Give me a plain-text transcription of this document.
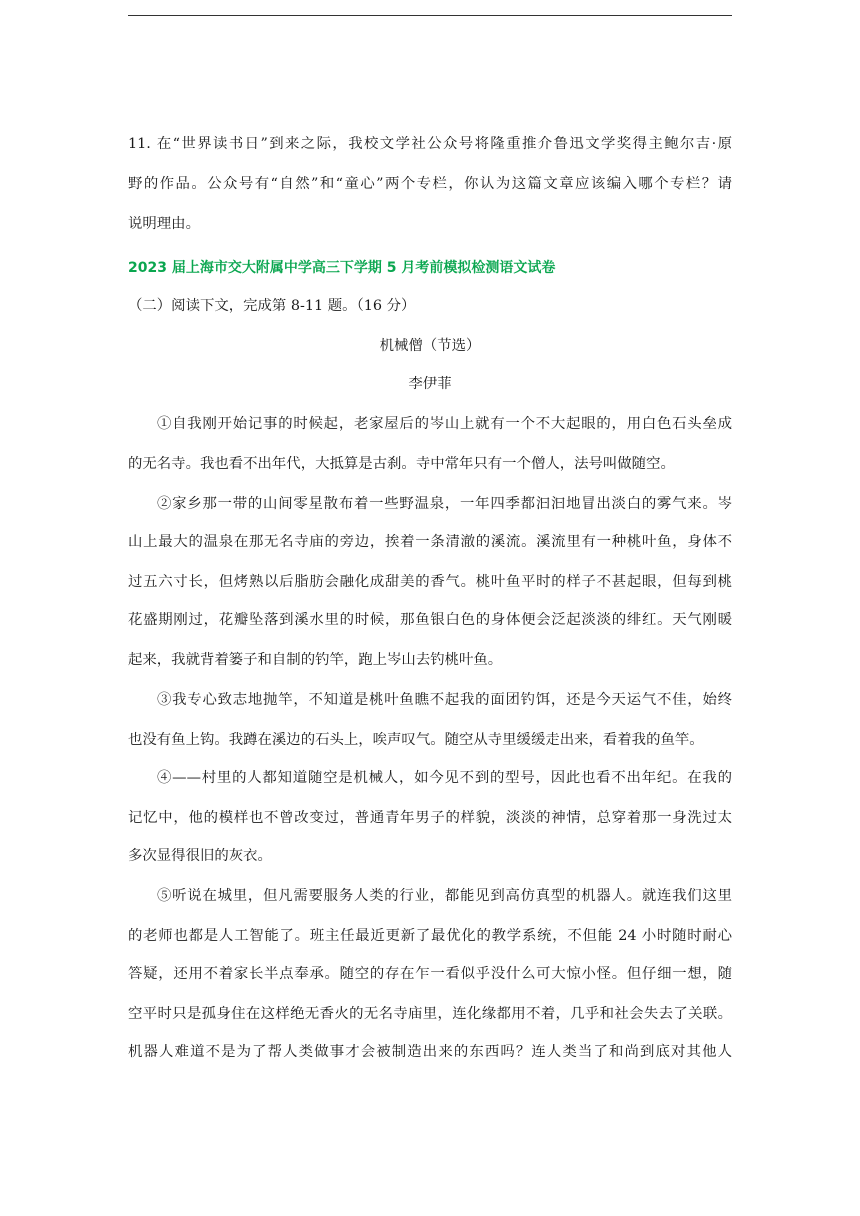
11. 在“世界读书日”到来之际，我校文学社公众号将隆重推介鲁迅文学奖得主鲍尔吉·原
野的作品。公众号有“自然”和“童心”两个专栏，你认为这篇文章应该编入哪个专栏？请
说明理由。
2023 届上海市交大附属中学高三下学期 5 月考前模拟检测语文试卷
（二）阅读下文，完成第 8-11 题。（16 分）
机械僧（节选）
李伊菲
①自我刚开始记事的时候起，老家屋后的岑山上就有一个不大起眼的，用白色石头垒成
的无名寺。我也看不出年代，大抵算是古刹。寺中常年只有一个僧人，法号叫做随空。
②家乡那一带的山间零星散布着一些野温泉，一年四季都汩汩地冒出淡白的雾气来。岑
山上最大的温泉在那无名寺庙的旁边，挨着一条清澈的溪流。溪流里有一种桃叶鱼，身体不
过五六寸长，但烤熟以后脂肪会融化成甜美的香气。桃叶鱼平时的样子不甚起眼，但每到桃
花盛期刚过，花瓣坠落到溪水里的时候，那鱼银白色的身体便会泛起淡淡的绯红。天气刚暖
起来，我就背着篓子和自制的钓竿，跑上岑山去钓桃叶鱼。
③我专心致志地抛竿，不知道是桃叶鱼瞧不起我的面团钓饵，还是今天运气不佳，始终
也没有鱼上钩。我蹲在溪边的石头上，唉声叹气。随空从寺里缓缓走出来，看着我的鱼竿。
④——村里的人都知道随空是机械人，如今见不到的型号，因此也看不出年纪。在我的
记忆中，他的模样也不曾改变过，普通青年男子的样貌，淡淡的神情，总穿着那一身洗过太
多次显得很旧的灰衣。
⑤听说在城里，但凡需要服务人类的行业，都能见到高仿真型的机器人。就连我们这里
的老师也都是人工智能了。班主任最近更新了最优化的教学系统，不但能 24 小时随时耐心
答疑，还用不着家长半点奉承。随空的存在乍一看似乎没什么可大惊小怪。但仔细一想，随
空平时只是孤身住在这样绝无香火的无名寺庙里，连化缘都用不着，几乎和社会失去了关联。
机器人难道不是为了帮人类做事才会被制造出来的东西吗？连人类当了和尚到底对其他人
